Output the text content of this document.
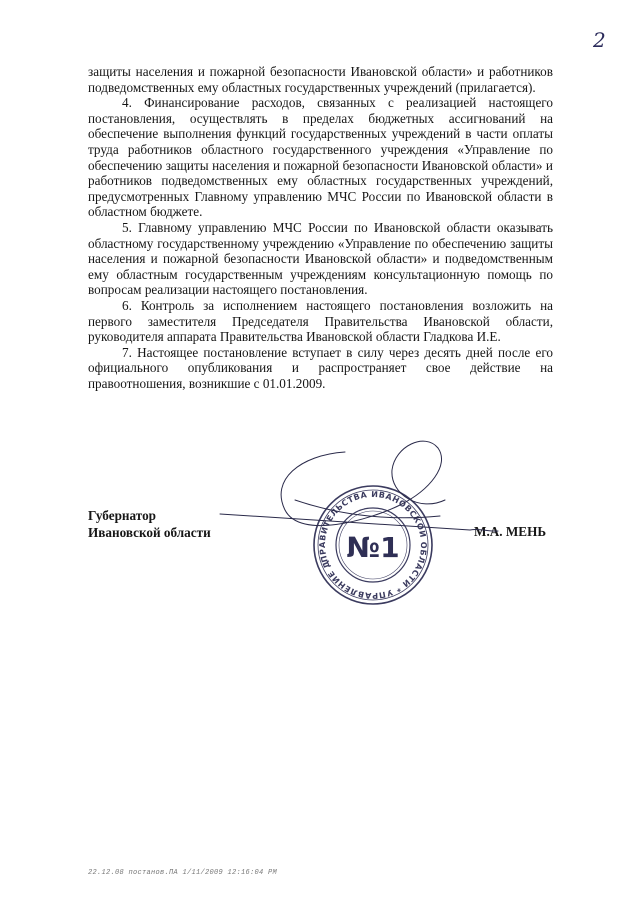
2

защиты населения и пожарной безопасности Ивановской области» и работников подведомственных ему областных государственных учреждений (прилагается).

4. Финансирование расходов, связанных с реализацией настоящего постановления, осуществлять в пределах бюджетных ассигнований на обеспечение выполнения функций государственных учреждений в части оплаты труда работников областного государственного учреждения «Управление по обеспечению защиты населения и пожарной безопасности Ивановской области» и работников подведомственных ему областных государственных учреждений, предусмотренных Главному управлению МЧС России по Ивановской области в областном бюджете.

5. Главному управлению МЧС России по Ивановской области оказывать областному государственному учреждению «Управление по обеспечению защиты населения и пожарной безопасности Ивановской области» и подведомственным ему областным государственным учреждениям консультационную помощь по вопросам реализации настоящего постановления.

6. Контроль за исполнением настоящего постановления возложить на первого заместителя Председателя Правительства Ивановской области, руководителя аппарата Правительства Ивановской области Гладкова И.Е.

7. Настоящее постановление вступает в силу через десять дней после его официального опубликования и распространяет свое действие на правоотношения, возникшие с 01.01.2009.

Губернатор
Ивановской области	М.А. МЕНЬ
ПРАВИТЕЛЬСТВА ИВАНОВСКОЙ ОБЛАСТИ * УПРАВЛЕНИЕ ДЕЛОПРОИЗВОДСТВА
№1
22.12.08 постанов.ПА 1/11/2009 12:16:04 PM
